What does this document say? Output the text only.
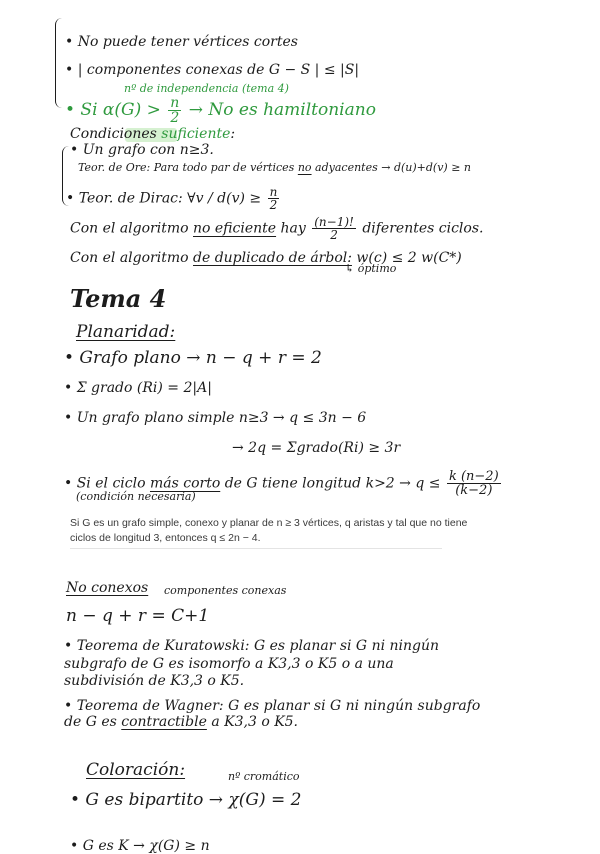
• No puede tener vértices cortes
• | componentes conexas de G − S | ≤ |S|
nº de independencia (tema 4)
• Si $\alpha(G) > \frac{n}{2} \to No$ es hamiltoniano
Condiciones suficiente:
• Un grafo con n≥3.
Teor. de Ore: Para todo par de vértices no adyacentes → d(u)+d(v) ≥ n
• Teor. de Dirac: ∀v / $d(v) \ge \frac{n}{2}$
Con el algoritmo no eficiente hay $\frac{(n-1)!}{2}$ diferentes ciclos.
Con el algoritmo de duplicado de árbol: w(c) ≤ 2 w(C*)
↳ óptimo
Tema 4
Planaridad:
• Grafo plano → n − q + r = 2
• Σ grado (Ri) = 2|A|
• Un grafo plano simple n≥3 → q ≤ 3n − 6
→ 2q = Σgrado(Ri) ≥ 3r
• Si el ciclo más corto de G tiene longitud $k>2 \to q \le \frac{k (n-2)}{(k-2)}$
(condición necesaria)
Si G es un grafo simple, conexo y planar de n ≥ 3 vértices, q aristas y tal que no tiene ciclos de longitud 3, entonces q ≤ 2n − 4.
No conexos componentes conexas
n − q + r = C+1
• Teorema de Kuratowski: G es planar si G ni ningún
subgrafo de G es isomorfo a K3,3 o K5 o a una
subdivisión de K3,3 o K5.
• Teorema de Wagner: G es planar si G ni ningún subgrafo
de G es contractible a K3,3 o K5.
Coloración:	nº cromático
• G es bipartito → χ(G) = 2
• G es K → χ(G) ≥ n
